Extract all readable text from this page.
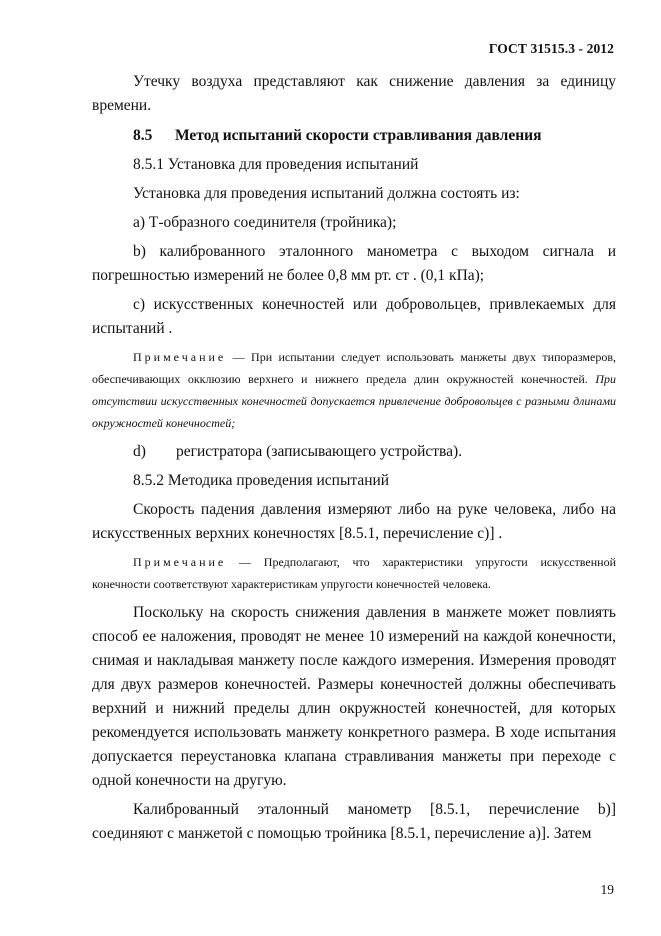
ГОСТ 31515.3 - 2012

Утечку воздуха представляют как снижение давления за единицу времени.

8.5 Метод испытаний скорости стравливания давления

8.5.1 Установка для проведения испытаний

Установка для проведения испытаний должна состоять из:

a) Т-образного соединителя (тройника);

b) калиброванного эталонного манометра с выходом сигнала и погрешностью измерений не более 0,8 мм рт. ст . (0,1 кПа);

c) искусственных конечностей или добровольцев, привлекаемых для испытаний .

Примечание — При испытании следует использовать манжеты двух типоразмеров, обеспечивающих окклюзию верхнего и нижнего предела длин окружностей конечностей. При отсутствии искусственных конечностей допускается привлечение добровольцев с разными длинами окружностей конечностей;

d) регистратора (записывающего устройства).

8.5.2 Методика проведения испытаний

Скорость падения давления измеряют либо на руке человека, либо на искусственных верхних конечностях [8.5.1, перечисление c)] .

Примечание — Предполагают, что характеристики упругости искусственной конечности соответствуют характеристикам упругости конечностей человека.

Поскольку на скорость снижения давления в манжете может повлиять способ ее наложения, проводят не менее 10 измерений на каждой конечности, снимая и накладывая манжету после каждого измерения. Измерения проводят для двух размеров конечностей. Размеры конечностей должны обеспечивать верхний и нижний пределы длин окружностей конечностей, для которых рекомендуется использовать манжету конкретного размера. В ходе испытания допускается переустановка клапана стравливания манжеты при переходе с одной конечности на другую.

Калиброванный эталонный манометр [8.5.1, перечисление b)] соединяют с манжетой с помощью тройника [8.5.1, перечисление a)]. Затем

19
